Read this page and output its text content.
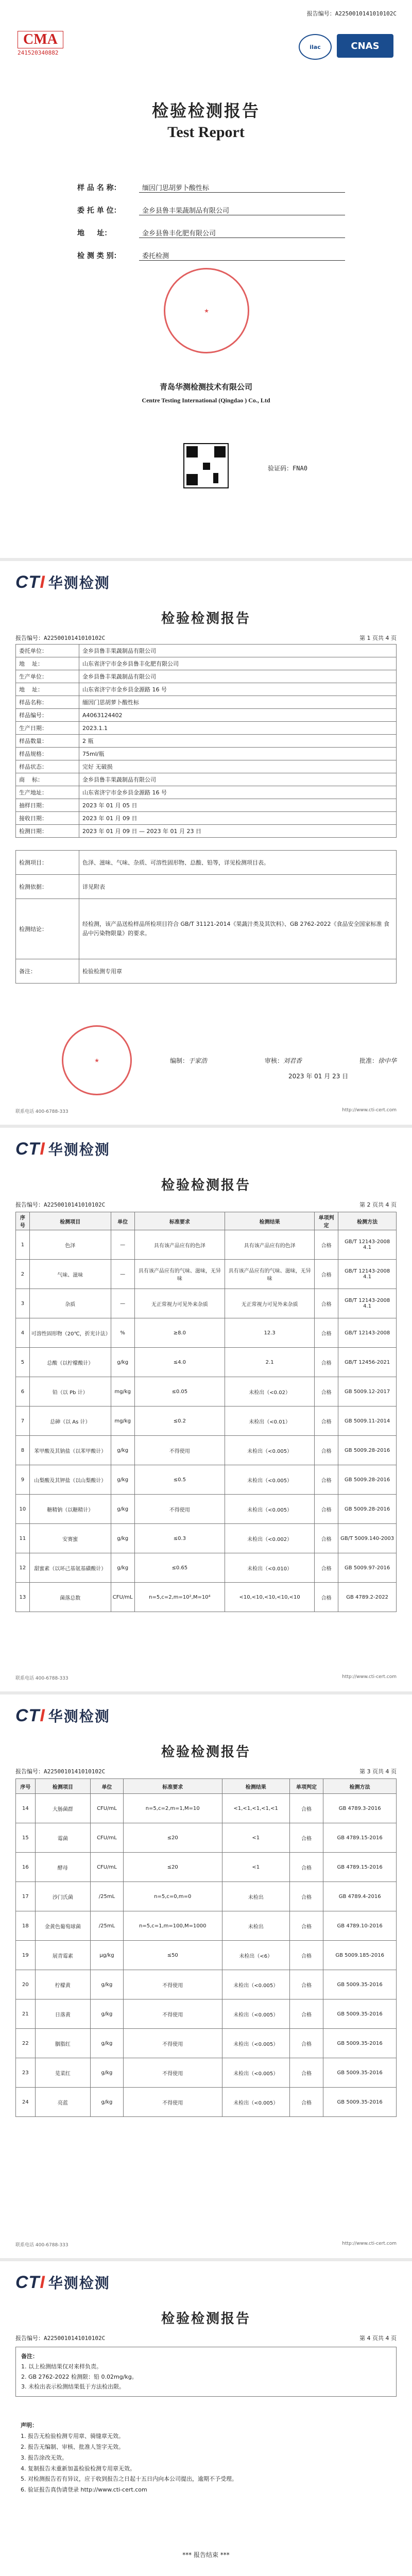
报告编号：A2250010141010102C
CMA
241520340882
ilac	CNAS
检验检测报告
Test Report
样 品 名 称：	缅因门思胡萝卜酸性标
委 托 单 位：	金乡县鲁丰果蔬制品有限公司
地     址：	金乡县鲁丰化肥有限公司
检 测 类 别：	委托检测
★
青岛华测检测技术有限公司
Centre Testing International (Qingdao ) Co., Ltd
验证码：FNA0
CTI 华测检测
检验检测报告
报告编号：A2250010141010102C	第 1 页共 4 页
委托单位：	金乡县鲁丰果蔬制品有限公司
地    址：	山东省济宁市金乡县鲁丰化肥有限公司
生产单位：	金乡县鲁丰果蔬制品有限公司
地    址：	山东省济宁市金乡县金源路 16 号
样品名称：	缅因门思胡萝卜酸性标
样品编号：	A4063124402
生产日期：	2023.1.1
样品数量：	2 瓶
样品规格：	75ml/瓶
样品状态：	完好 无破损
商    标：	金乡县鲁丰果蔬制品有限公司
生产地址：	山东省济宁市金乡县金源路 16 号
抽样日期：	2023 年 01 月 05 日
接收日期：	2023 年 01 月 09 日
检测日期：	2023 年 01 月 09 日 — 2023 年 01 月 23 日
检测项目：	色泽、滋味、气味、杂质、可溶性固形物、总酸、铅等，详见检测项目表。
检测依据：	详见附表
检测结论：	经检测，该产品送检样品所检项目符合 GB/T 31121-2014《果蔬汁类及其饮料》、GB 2762-2022《食品安全国家标准 食品中污染物限量》的要求。
备注：	检验检测专用章
★	编制：于家浩	审核：刘君香	批准：徐中华
2023 年 01 月 23 日
联系电话 400-6788-333	http://www.cti-cert.com
CTI 华测检测
检验检测报告
报告编号：A2250010141010102C	第 2 页共 4 页
序号	检测项目	单位	标准要求	检测结果	单项判定	检测方法
1	色泽	—	具有该产品应有的色泽	具有该产品应有的色泽	合格	GB/T 12143-2008 4.1
2	气味、滋味	—	具有该产品应有的气味、滋味，无异味	具有该产品应有的气味、滋味，无异味	合格	GB/T 12143-2008 4.1
3	杂质	—	无正常视力可见外来杂质	无正常视力可见外来杂质	合格	GB/T 12143-2008 4.1
4	可溶性固形物（20℃，折光计法）	%	≥8.0	12.3	合格	GB/T 12143-2008
5	总酸（以柠檬酸计）	g/kg	≤4.0	2.1	合格	GB/T 12456-2021
6	铅（以 Pb 计）	mg/kg	≤0.05	未检出（<0.02）	合格	GB 5009.12-2017
7	总砷（以 As 计）	mg/kg	≤0.2	未检出（<0.01）	合格	GB 5009.11-2014
8	苯甲酸及其钠盐（以苯甲酸计）	g/kg	不得使用	未检出（<0.005）	合格	GB 5009.28-2016
9	山梨酸及其钾盐（以山梨酸计）	g/kg	≤0.5	未检出（<0.005）	合格	GB 5009.28-2016
10	糖精钠（以糖精计）	g/kg	不得使用	未检出（<0.005）	合格	GB 5009.28-2016
11	安赛蜜	g/kg	≤0.3	未检出（<0.002）	合格	GB/T 5009.140-2003
12	甜蜜素（以环己基氨基磺酸计）	g/kg	≤0.65	未检出（<0.010）	合格	GB 5009.97-2016
13	菌落总数	CFU/mL	n=5,c=2,m=10²,M=10⁴	<10,<10,<10,<10,<10	合格	GB 4789.2-2022
联系电话 400-6788-333	http://www.cti-cert.com
CTI 华测检测
检验检测报告
报告编号：A2250010141010102C	第 3 页共 4 页
序号	检测项目	单位	标准要求	检测结果	单项判定	检测方法
14	大肠菌群	CFU/mL	n=5,c=2,m=1,M=10	<1,<1,<1,<1,<1	合格	GB 4789.3-2016
15	霉菌	CFU/mL	≤20	<1	合格	GB 4789.15-2016
16	酵母	CFU/mL	≤20	<1	合格	GB 4789.15-2016
17	沙门氏菌	/25mL	n=5,c=0,m=0	未检出	合格	GB 4789.4-2016
18	金黄色葡萄球菌	/25mL	n=5,c=1,m=100,M=1000	未检出	合格	GB 4789.10-2016
19	展青霉素	μg/kg	≤50	未检出（<6）	合格	GB 5009.185-2016
20	柠檬黄	g/kg	不得使用	未检出（<0.005）	合格	GB 5009.35-2016
21	日落黄	g/kg	不得使用	未检出（<0.005）	合格	GB 5009.35-2016
22	胭脂红	g/kg	不得使用	未检出（<0.005）	合格	GB 5009.35-2016
23	苋菜红	g/kg	不得使用	未检出（<0.005）	合格	GB 5009.35-2016
24	亮蓝	g/kg	不得使用	未检出（<0.005）	合格	GB 5009.35-2016
联系电话 400-6788-333	http://www.cti-cert.com
CTI 华测检测
检验检测报告
报告编号：A2250010141010102C	第 4 页共 4 页
备注：
1. 以上检测结果仅对来样负责。
2. GB 2762-2022 检测限：铅 0.02mg/kg。
3. 未检出表示检测结果低于方法检出限。
声明：
1. 报告无检验检测专用章、骑缝章无效。
2. 报告无编制、审核、批准人签字无效。
3. 报告涂改无效。
4. 复制报告未重新加盖检验检测专用章无效。
5. 对检测报告若有异议，应于收到报告之日起十五日内向本公司提出，逾期不予受理。
6. 验证报告真伪请登录 http://www.cti-cert.com
*** 报告结束 ***
